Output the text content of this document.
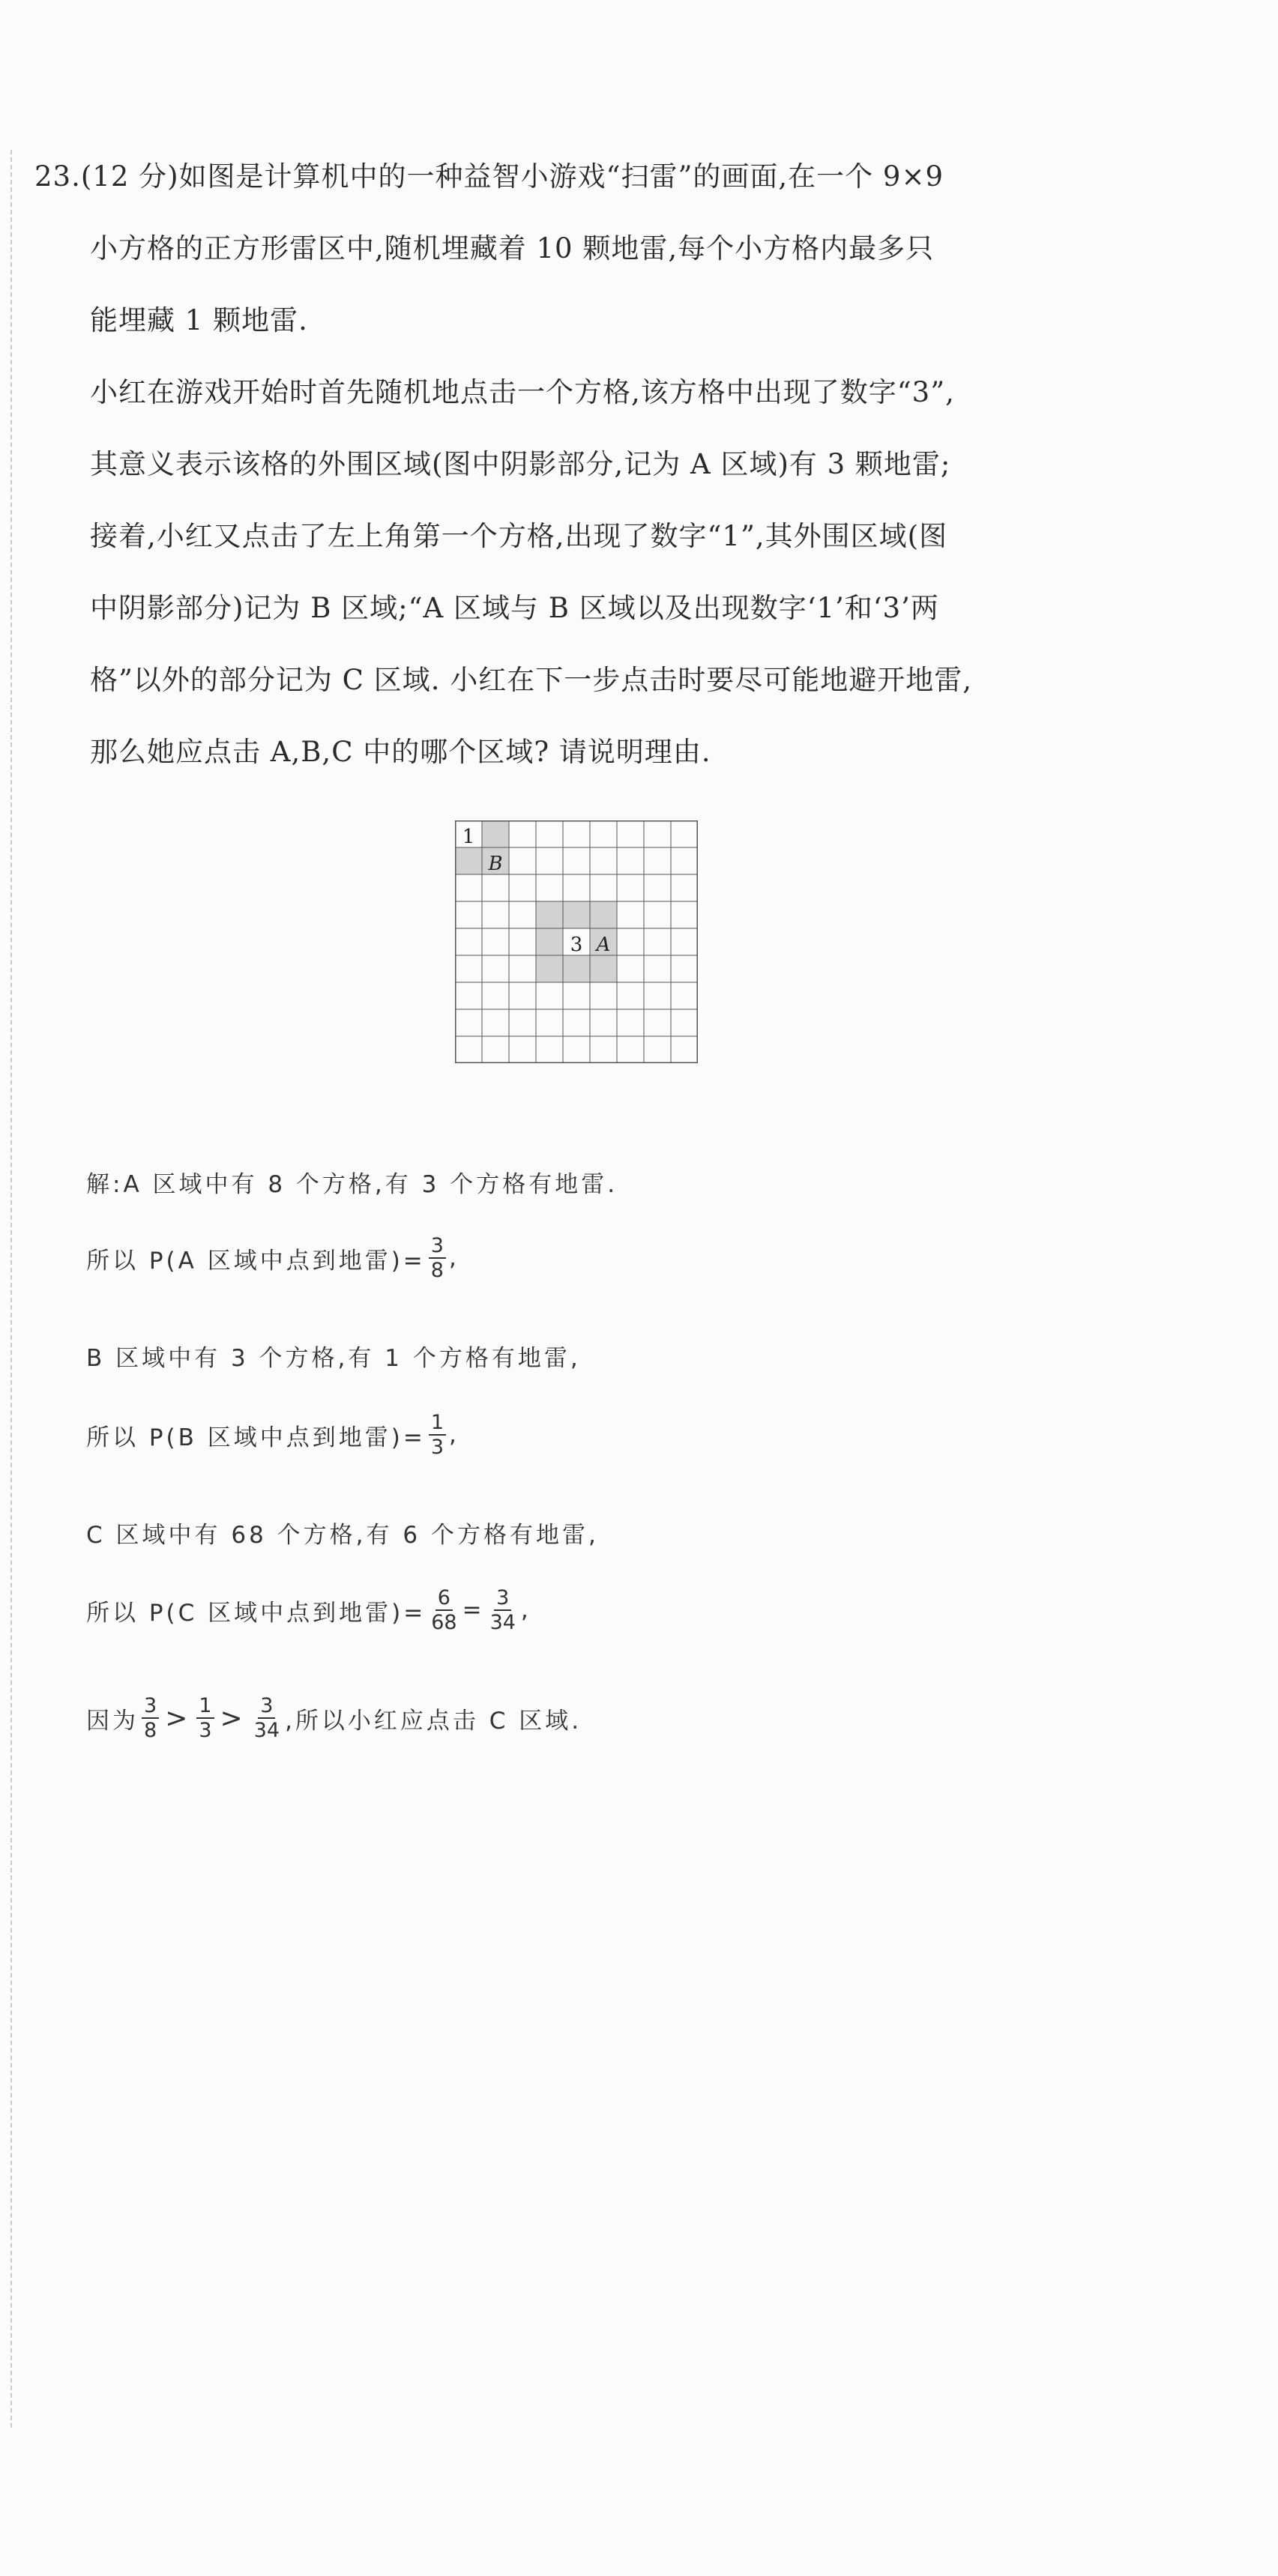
23.(12 分)如图是计算机中的一种益智小游戏“扫雷”的画面,在一个 9×9
小方格的正方形雷区中,随机埋藏着 10 颗地雷,每个小方格内最多只
能埋藏 1 颗地雷.
小红在游戏开始时首先随机地点击一个方格,该方格中出现了数字“3”,
其意义表示该格的外围区域(图中阴影部分,记为 A 区域)有 3 颗地雷;
接着,小红又点击了左上角第一个方格,出现了数字“1”,其外围区域(图
中阴影部分)记为 B 区域;“A 区域与 B 区域以及出现数字‘1’和‘3’两
格”以外的部分记为 C 区域. 小红在下一步点击时要尽可能地避开地雷,
那么她应点击 A,B,C 中的哪个区域? 请说明理由.
1
B
3 A
解:A 区域中有 8 个方格,有 3 个方格有地雷.
所以 P(A 区域中点到地雷)= $\frac{3}{8}$ ,
B 区域中有 3 个方格,有 1 个方格有地雷,
所以 P(B 区域中点到地雷)= $\frac{1}{3}$ ,
C 区域中有 68 个方格,有 6 个方格有地雷,
所以 P(C 区域中点到地雷)= $\frac{6}{68} = \frac{3}{34}$ ,
因为 $\frac{3}{8} > \frac{1}{3} > \frac{3}{34}$ ,所以小红应点击 C 区域.
